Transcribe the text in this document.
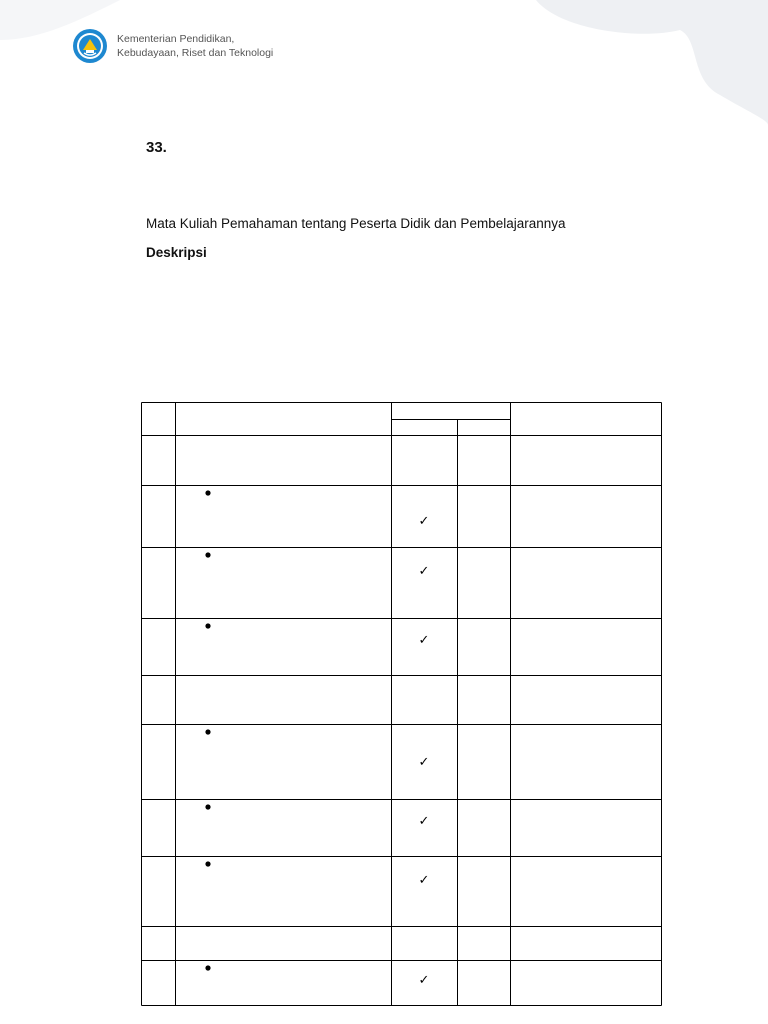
Kementerian Pendidikan,
Kebudayaan, Riset dan Teknologi
33.
Mata Kuliah Pemahaman tentang Peserta Didik dan Pembelajarannya
Deskripsi
✓
✓
✓
✓
✓
✓
✓
